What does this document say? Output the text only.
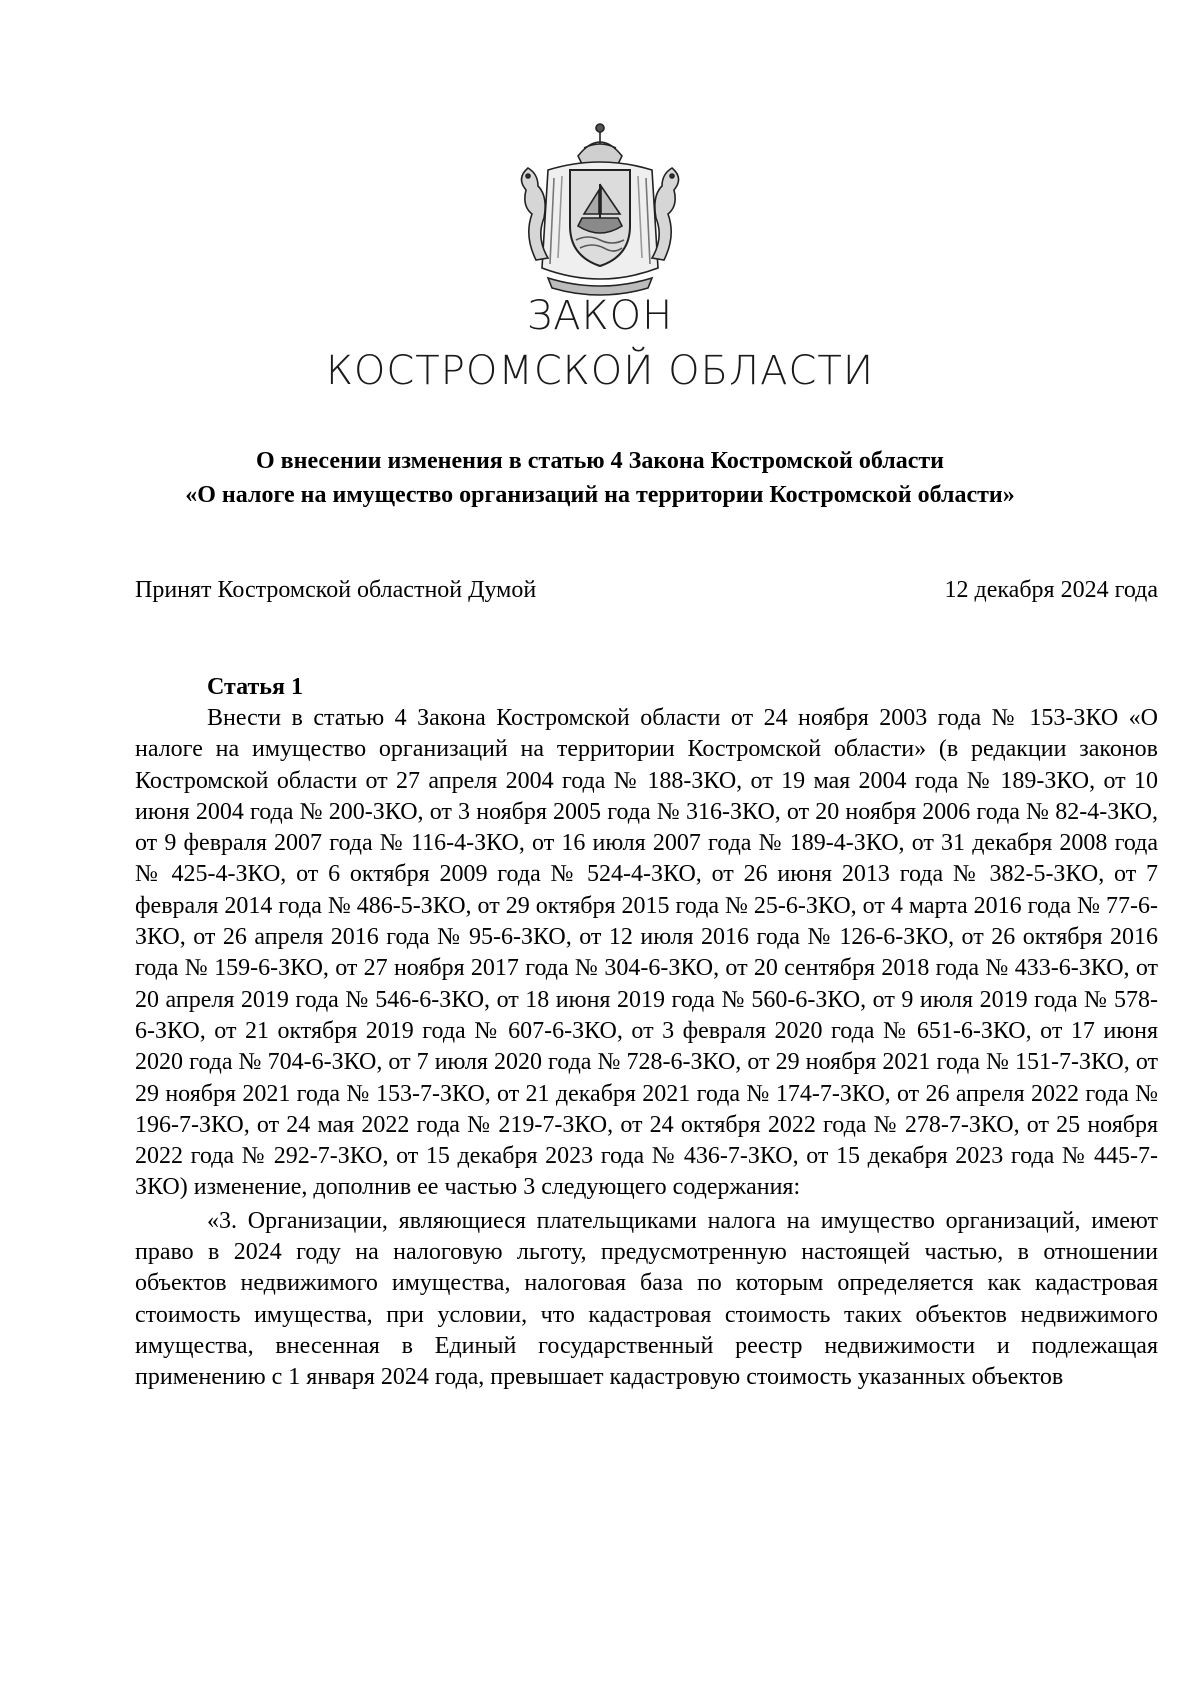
ЗАКОН
КОСТРОМСКОЙ ОБЛАСТИ
О внесении изменения в статью 4 Закона Костромской области
«О налоге на имущество организаций на территории Костромской области»
Принят Костромской областной Думой	12 декабря 2024 года
Статья 1

Внести в статью 4 Закона Костромской области от 24 ноября 2003 года № 153-ЗКО «О налоге на имущество организаций на территории Костромской области» (в редакции законов Костромской области от 27 апреля 2004 года № 188-ЗКО, от 19 мая 2004 года № 189-ЗКО, от 10 июня 2004 года № 200-ЗКО, от 3 ноября 2005 года № 316-ЗКО, от 20 ноября 2006 года № 82-4-ЗКО, от 9 февраля 2007 года № 116-4-ЗКО, от 16 июля 2007 года № 189-4-ЗКО, от 31 декабря 2008 года № 425-4-ЗКО, от 6 октября 2009 года № 524-4-ЗКО, от 26 июня 2013 года № 382-5-ЗКО, от 7 февраля 2014 года № 486-5-ЗКО, от 29 октября 2015 года № 25-6-ЗКО, от 4 марта 2016 года № 77-6-ЗКО, от 26 апреля 2016 года № 95-6-ЗКО, от 12 июля 2016 года № 126-6-ЗКО, от 26 октября 2016 года № 159-6-ЗКО, от 27 ноября 2017 года № 304-6-ЗКО, от 20 сентября 2018 года № 433-6-ЗКО, от 20 апреля 2019 года № 546-6-ЗКО, от 18 июня 2019 года № 560-6-ЗКО, от 9 июля 2019 года № 578-6-ЗКО, от 21 октября 2019 года № 607-6-ЗКО, от 3 февраля 2020 года № 651-6-ЗКО, от 17 июня 2020 года № 704-6-ЗКО, от 7 июля 2020 года № 728-6-ЗКО, от 29 ноября 2021 года № 151-7-ЗКО, от 29 ноября 2021 года № 153-7-ЗКО, от 21 декабря 2021 года № 174-7-ЗКО, от 26 апреля 2022 года № 196-7-ЗКО, от 24 мая 2022 года № 219-7-ЗКО, от 24 октября 2022 года № 278-7-ЗКО, от 25 ноября 2022 года № 292-7-ЗКО, от 15 декабря 2023 года № 436-7-ЗКО, от 15 декабря 2023 года № 445-7-ЗКО) изменение, дополнив ее частью 3 следующего содержания:

«3. Организации, являющиеся плательщиками налога на имущество организаций, имеют право в 2024 году на налоговую льготу, предусмотренную настоящей частью, в отношении объектов недвижимого имущества, налоговая база по которым определяется как кадастровая стоимость имущества, при условии, что кадастровая стоимость таких объектов недвижимого имущества, внесенная в Единый государственный реестр недвижимости и подлежащая применению с 1 января 2024 года, превышает кадастровую стоимость указанных объектов
